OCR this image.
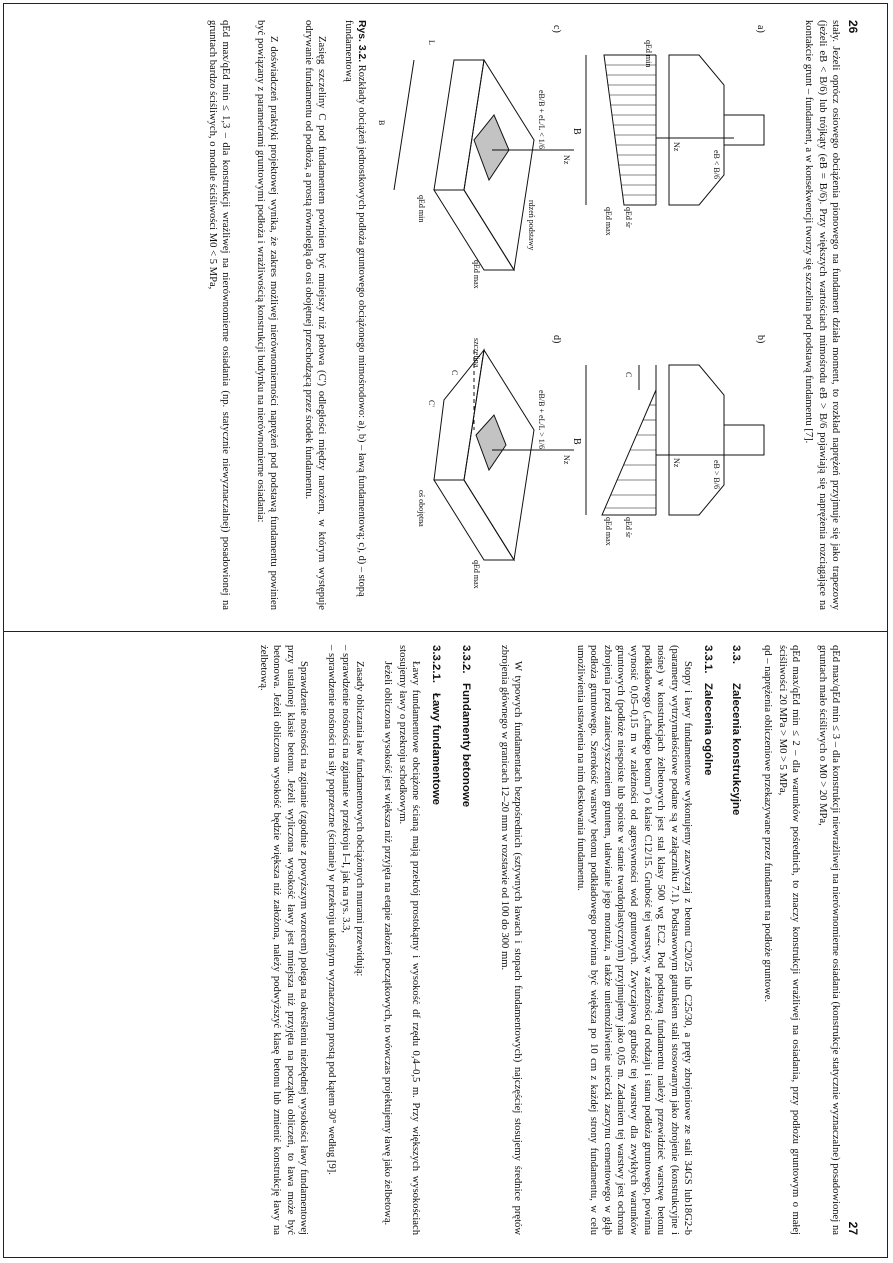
26

stały. Jeżeli oprócz osiowego obciążenia pionowego na fundament działa moment, to rozkład naprężeń przyjmuje się jako trapezowy (jeżeli eB < B/6) lub trójkąty (eB = B/6). Przy większych wartościach mimośrodu eB > B/6 pojawiają się naprężenia rozciągające na kontakcie grunt – fundament, a w konsekwencji tworzy się szczelina pod podstawą fundamentu [7].

a)
b)
c)
d)
Nz
Nz
eB < B/6
eB > B/6
qEd min
qEd śr
qEd max
qEd śr
qEd max
B
B
C
eB/B + eL/L < 1/6
eB/B + eL/L > 1/6
Nz
Nz
rdzeń podstawy
L
B
qEd min
qEd max
szczelina
C
C'
oś obojętna
qEd max
Rys. 3.2. Rozkłady obciążeń jednostkowych podłoża gruntowego obciążonego mimośrodowo: a), b) – ławą fundamentową; c), d) – stopą fundamentową

Zasięg szczeliny C pod fundamentem powinien być mniejszy niż połowa (C') odległości między narożem, w którym występuje odrywanie fundamentu od podłoża, a prostą równoległą do osi obojętnej przechodzącą przez środek fundamentu.

Z doświadczeń praktyki projektowej wynika, że zakres możliwej nierównomierności naprężeń pod podstawą fundamentu powinien być powiązany z parametrami gruntowymi podłoża i wrażliwością konstrukcji budynku na nierównomierne osiadania:

qEd max/qEd min ≤ 1,3 – dla konstrukcji wrażliwej na nierównomierne osiadania (np. statycznie niewyznaczalnej) posadowionej na gruntach bardzo ściśliwych, o module ściśliwości M0 < 5 MPa,

27

qEd max/qEd min ≤ 3 – dla konstrukcji niewrażliwej na nierównomierne osiadania (konstrukcje statycznie wyznaczalne) posadowionej na gruntach mało ściśliwych o M0 > 20 MPa,

qEd max/qEd min ≤ 2 – dla warunków pośrednich, to znaczy konstrukcji wrażliwej na osiadania, przy podłożu gruntowym o małej ściśliwości 20 MPa > M0 > 5 MPa,

qd – naprężenia obliczeniowe przekazywane przez fundament na podłoże gruntowe.

3.3.Zalecenia konstrukcyjne
3.3.1.Zalecenia ogólne

Stopy i ławy fundamentowe wykonujemy zazwyczaj z betonu C20/25 lub C25/30, a pręty zbrojeniowe ze stali 34GS lub18G2-b (parametry wytrzymałościowe podane są w załączniku 7.1). Podstawowym gatunkiem stali stosowanym jako zbrojenie (konstrukcyjne i nośne) w konstrukcjach żelbetowych jest stal klasy 500 wg EC2. Pod podstawą fundamentu należy przewidzieć warstwę betonu podkładowego („chudego betonu") o klasie C12/15. Grubość tej warstwy, w zależności od rodzaju i stanu podłoża gruntowego, powinna wynosić 0,05–0,15 m w zależności od agresywności wód gruntowych. Zwyczajową grubość tej warstwy dla zwykłych warunków gruntowych (podłoże niespoiste lub spoiste w stanie twardoplastycznym) przyjmujemy jako 0,05 m. Zadaniem tej warstwy jest ochrona zbrojenia przed zanieczyszczeniem gruntem, ułatwianie jego montażu, a także uniemożliwienie ucieczki zaczynu cementowego w głąb podłoża gruntowego. Szerokość warstwy betonu podkładowego powinna być większa po 10 cm z każdej strony fundamentu, w celu umożliwienia ustawienia na nim deskowania fundamentu.

W typowych fundamentach bezpośrednich (sztywnych ławach i stopach fundamentowych) najczęściej stosujemy średnice prętów zbrojenia głównego w granicach 12–20 mm w rozstawie od 100 do 300 mm.

3.3.2.Fundamenty betonowe
3.3.2.1.Ławy fundamentowe

Ławy fundamentowe obciążone ścianą mają przekrój prostokątny i wysokość df rzędu 0,4–0,5 m. Przy większych wysokościach stosujemy ławy o przekroju schodkowym.

Jeżeli obliczona wysokość jest większa niż przyjęta na etapie założeń początkowych, to wówczas projektujemy ławę jako żelbetową.

Zasady obliczania ław fundamentowych obciążonych murami przewidują:

– sprawdzenie nośności na zginanie w przekroju I–I, jak na rys. 3.3,

– sprawdzenie nośności na siły poprzeczne (ścinanie) w przekroju ukośnym wyznaczonym prostą pod kątem 30° według [9].

Sprawdzenie nośności na zginanie (zgodnie z powyższym wzorcem) polega na określeniu niezbędnej wysokości ławy fundamentowej przy ustalonej klasie betonu. Jeżeli wyliczona wysokość ławy jest mniejsza niż przyjęta na początku obliczeń, to ława może być betonowa. Jeżeli obliczona wysokość będzie większa niż założona, należy podwyższyć klasę betonu lub zmienić konstrukcję ławy na żelbetową.
